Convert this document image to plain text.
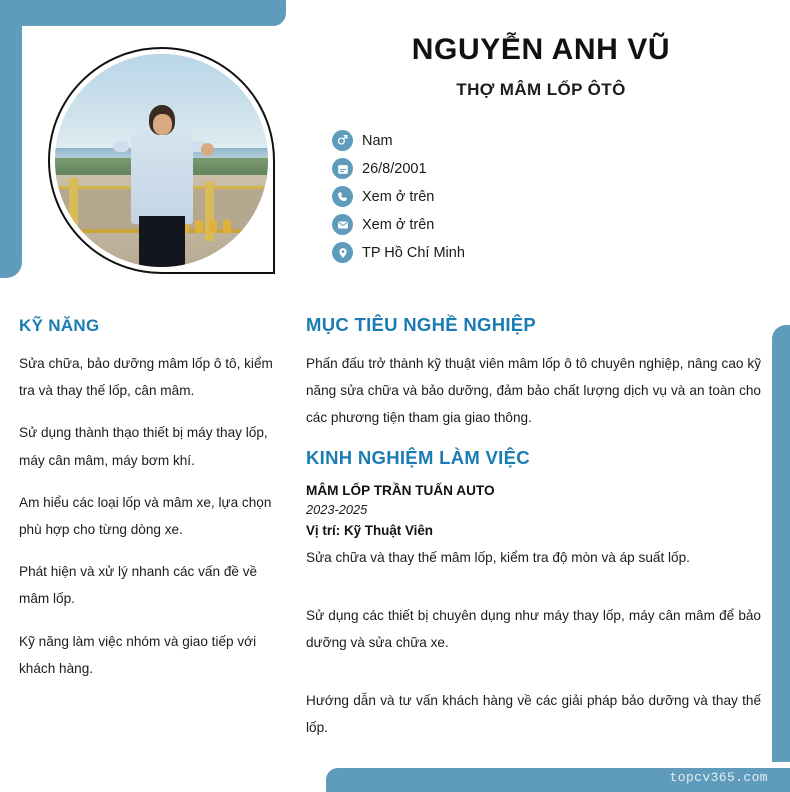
topcv365.com
NGUYỄN ANH VŨ
THỢ MÂM LỐP ÔTÔ
Nam
26/8/2001
Xem ở trên
Xem ở trên
TP Hồ Chí Minh
KỸ NĂNG
Sửa chữa, bảo dưỡng mâm lốp ô tô, kiểm tra và thay thế lốp, cân mâm.
Sử dụng thành thạo thiết bị máy thay lốp, máy cân mâm, máy bơm khí.
Am hiểu các loại lốp và mâm xe, lựa chọn phù hợp cho từng dòng xe.
Phát hiện và xử lý nhanh các vấn đề về mâm lốp.
Kỹ năng làm việc nhóm và giao tiếp với khách hàng.
MỤC TIÊU NGHỀ NGHIỆP
Phấn đấu trở thành kỹ thuật viên mâm lốp ô tô chuyên nghiệp, nâng cao kỹ năng sửa chữa và bảo dưỡng, đảm bảo chất lượng dịch vụ và an toàn cho các phương tiện tham gia giao thông.
KINH NGHIỆM LÀM VIỆC
MÂM LỐP TRẦN TUẤN AUTO
2023-2025
Vị trí: Kỹ Thuật Viên
Sửa chữa và thay thế mâm lốp, kiểm tra độ mòn và áp suất lốp.
Sử dụng các thiết bị chuyên dụng như máy thay lốp, máy cân mâm để bảo dưỡng và sửa chữa xe.
Hướng dẫn và tư vấn khách hàng về các giải pháp bảo dưỡng và thay thế lốp.
